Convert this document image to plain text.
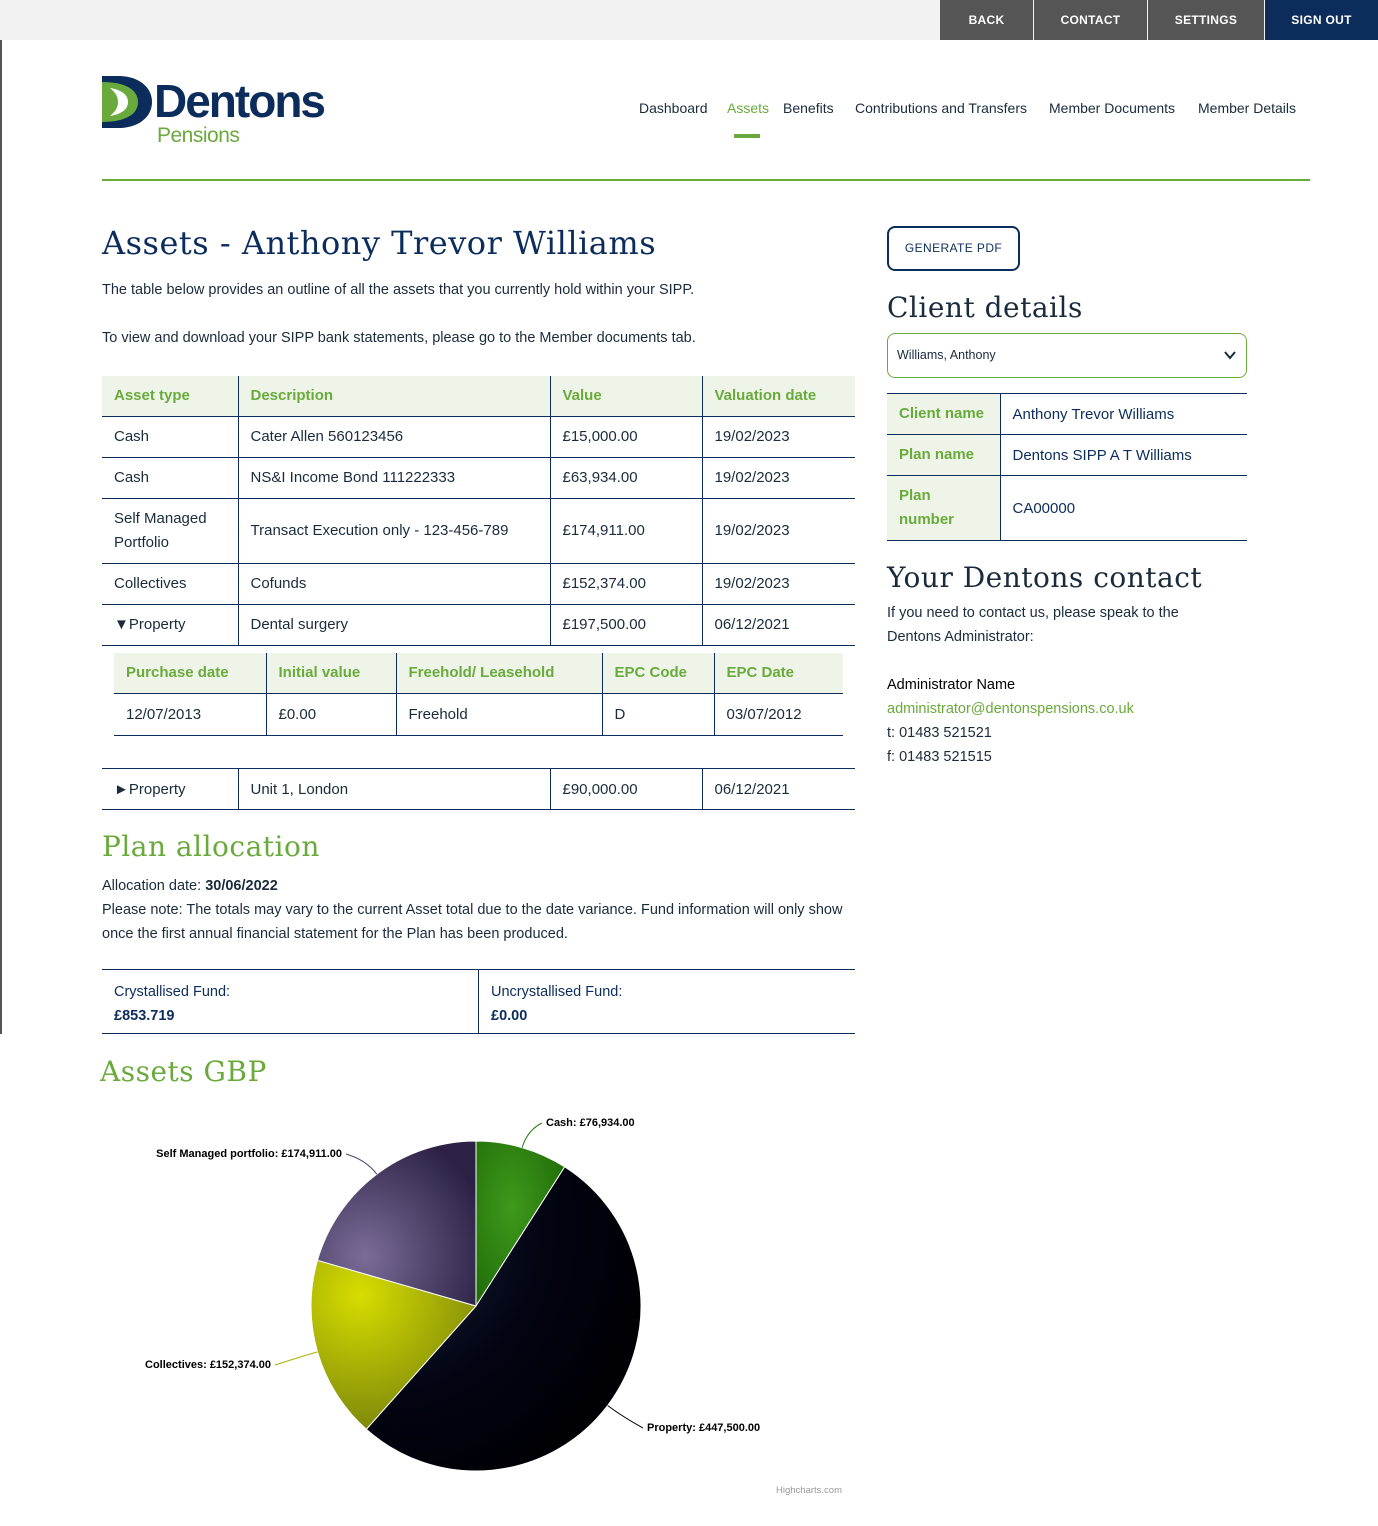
BACK	CONTACT	SETTINGS	SIGN OUT
Dentons
Pensions
Dashboard Assets Benefits Contributions and Transfers Member Documents Member Details
Assets - Anthony Trevor Williams

The table below provides an outline of all the assets that you currently hold within your SIPP.

To view and download your SIPP bank statements, please go to the Member documents tab.

Asset type	Description	Value	Valuation date
Cash	Cater Allen 560123456	£15,000.00	19/02/2023
Cash	NS&I Income Bond 111222333	£63,934.00	19/02/2023
Self Managed Portfolio	Transact Execution only - 123-456-789	£174,911.00	19/02/2023
Collectives	Cofunds	£152,374.00	19/02/2023
▼Property	Dental surgery	£197,500.00	06/12/2021
Purchase date	Initial value	Freehold/ Leasehold	EPC Code	EPC Date
12/07/2013	£0.00	Freehold	D	03/07/2012
►Property	Unit 1, London	£90,000.00	06/12/2021
Plan allocation
Allocation date: 30/06/2022
Please note: The totals may vary to the current Asset total due to the date variance. Fund information will only show once the first annual financial statement for the Plan has been produced.
Crystallised Fund:
£853.719
Uncrystallised Fund:
£0.00
Assets GBP
Cash: £76,934.00
Property: £447,500.00
Collectives: £152,374.00
Self Managed portfolio: £174,911.00
Highcharts.com
GENERATE PDF
Client details
Williams, Anthony
Client name	Anthony Trevor Williams
Plan name	Dentons SIPP A T Williams
Plan number	CA00000
Your Dentons contact
If you need to contact us, please speak to the
Dentons Administrator:
Administrator Name
administrator@dentonspensions.co.uk
t: 01483 521521
f: 01483 521515
